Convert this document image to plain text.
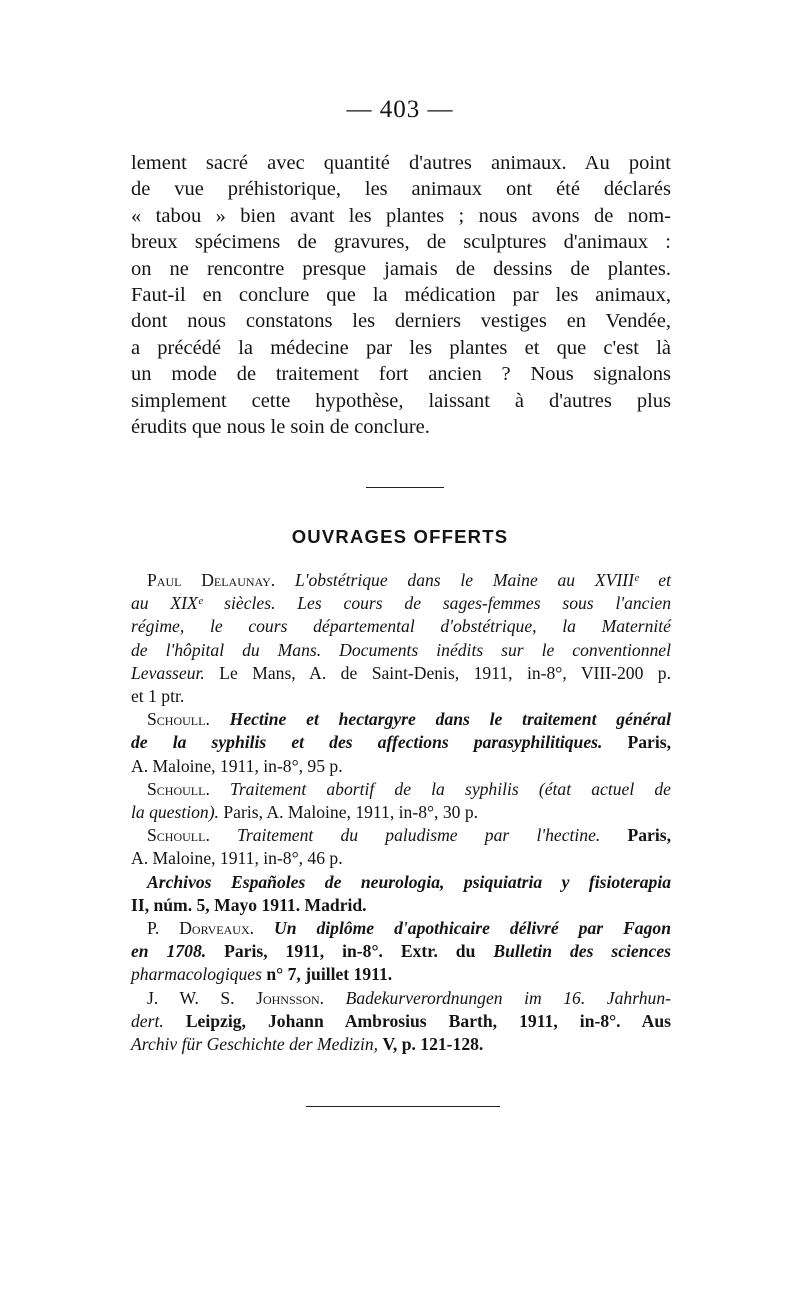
— 403 —
lement sacré avec quantité d'autres animaux. Au point
de vue préhistorique, les animaux ont été déclarés
« tabou » bien avant les plantes ; nous avons de nom-
breux spécimens de gravures, de sculptures d'animaux :
on ne rencontre presque jamais de dessins de plantes.
Faut-il en conclure que la médication par les animaux,
dont nous constatons les derniers vestiges en Vendée,
a précédé la médecine par les plantes et que c'est là
un mode de traitement fort ancien ? Nous signalons
simplement cette hypothèse, laissant à d'autres plus
érudits que nous le soin de conclure.
OUVRAGES OFFERTS
Paul Delaunay. L'obstétrique dans le Maine au XVIIIᵉ et
au XIXᵉ siècles. Les cours de sages-femmes sous l'ancien
régime, le cours départemental d'obstétrique, la Maternité
de l'hôpital du Mans. Documents inédits sur le conventionnel
Levasseur. Le Mans, A. de Saint-Denis, 1911, in-8°, VIII-200 p.
et 1 ptr.
Schoull. Hectine et hectargyre dans le traitement général
de la syphilis et des affections parasyphilitiques. Paris,
A. Maloine, 1911, in-8°, 95 p.
Schoull. Traitement abortif de la syphilis (état actuel de
la question). Paris, A. Maloine, 1911, in-8°, 30 p.
Schoull. Traitement du paludisme par l'hectine. Paris,
A. Maloine, 1911, in-8°, 46 p.
Archivos Españoles de neurologia, psiquiatria y fisioterapia
II, núm. 5, Mayo 1911. Madrid.
P. Dorveaux. Un diplôme d'apothicaire délivré par Fagon
en 1708. Paris, 1911, in-8°. Extr. du Bulletin des sciences
pharmacologiques n° 7, juillet 1911.
J. W. S. Johnsson. Badekurverordnungen im 16. Jahrhun-
dert. Leipzig, Johann Ambrosius Barth, 1911, in-8°. Aus
Archiv für Geschichte der Medizin, V, p. 121-128.
